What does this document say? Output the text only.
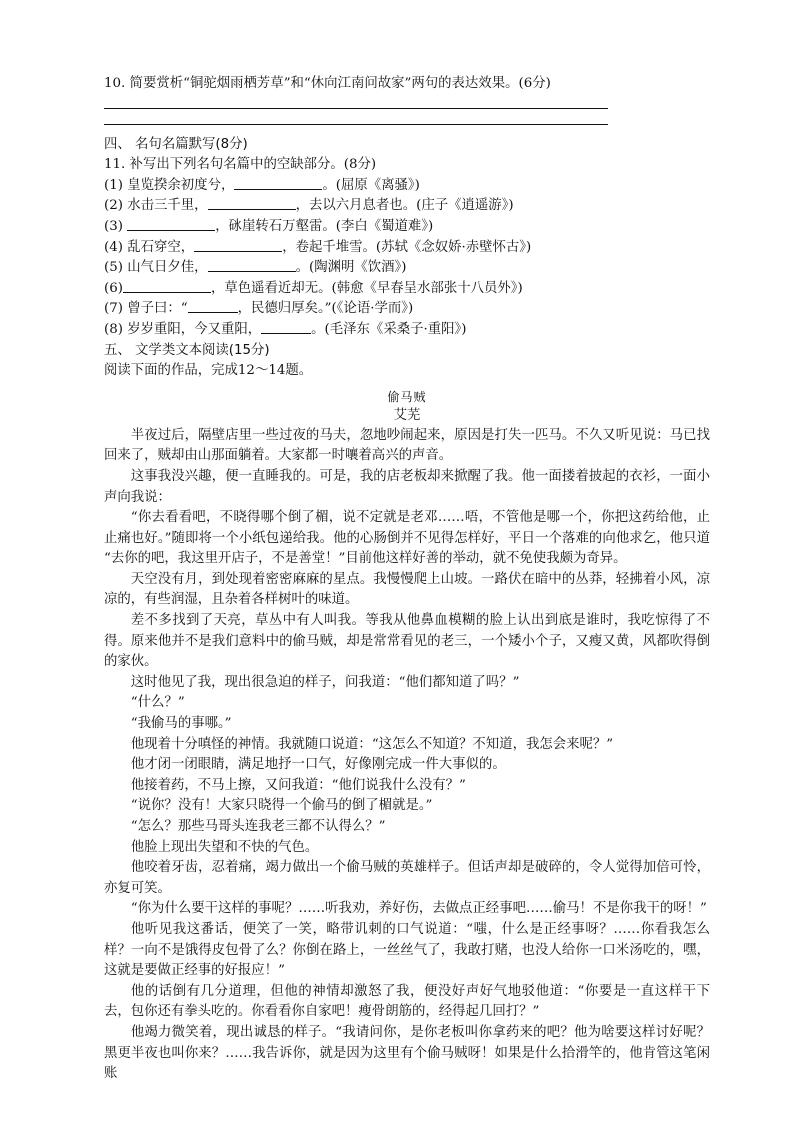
10. 简要赏析“铜驼烟雨栖芳草”和“休向江南问故家”两句的表达效果。(6分)
四、 名句名篇默写(8分)
11. 补写出下列名句名篇中的空缺部分。(8分)
(1) 皇览揆余初度兮，	。(屈原《离骚》)
(2) 水击三千里，	，去以六月息者也。(庄子《逍遥游》)
(3)	，砯崖转石万壑雷。(李白《蜀道难》)
(4) 乱石穿空，	，卷起千堆雪。(苏轼《念奴娇·赤壁怀古》)
(5) 山气日夕佳，	。(陶渊明《饮酒》)
(6)	，草色遥看近却无。(韩愈《早春呈水部张十八员外》)
(7) 曾子曰：“	，民德归厚矣。”(《论语·学而》)
(8) 岁岁重阳，今又重阳，	。(毛泽东《采桑子·重阳》)
五、 文学类文本阅读(15分)
阅读下面的作品，完成12～14题。
偷马贼
艾芜

半夜过后，隔壁店里一些过夜的马夫，忽地吵闹起来，原因是打失一匹马。不久又听见说：马已找回来了，贼却由山那面躺着。大家都一时嚷着高兴的声音。

这事我没兴趣，便一直睡我的。可是，我的店老板却来掀醒了我。他一面搂着披起的衣衫，一面小声向我说：

“你去看看吧，不晓得哪个倒了楣，说不定就是老邓……唔，不管他是哪一个，你把这药给他，止止痛也好。”随即将一个小纸包递给我。他的心肠倒并不见得怎样好，平日一个落难的向他求乞，他只道 “去你的吧，我这里开店子，不是善堂！”目前他这样好善的举动，就不免使我颇为奇异。

天空没有月，到处现着密密麻麻的星点。我慢慢爬上山坡。一路伏在暗中的丛莽，轻拂着小风，凉凉的，有些润湿，且杂着各样树叶的味道。

差不多找到了天亮，草丛中有人叫我。等我从他鼻血模糊的脸上认出到底是谁时，我吃惊得了不得。原来他并不是我们意料中的偷马贼，却是常常看见的老三，一个矮小个子，又瘦又黄，风都吹得倒的家伙。

这时他见了我，现出很急迫的样子，问我道：“他们都知道了吗？”

“什么？”

“我偷马的事哪。”

他现着十分嗔怪的神情。我就随口说道：“这怎么不知道？不知道，我怎会来呢？”

他才闭一闭眼睛，满足地抒一口气，好像刚完成一件大事似的。

他接着药，不马上擦，又问我道：“他们说我什么没有？”

“说你？没有！大家只晓得一个偷马的倒了楣就是。”

“怎么？那些马哥头连我老三都不认得么？”

他脸上现出失望和不快的气色。

他咬着牙齿，忍着痛，竭力做出一个偷马贼的英雄样子。但话声却是破碎的，令人觉得加倍可怜，亦复可笑。

“你为什么要干这样的事呢？……听我劝，养好伤，去做点正经事吧……偷马！不是你我干的呀！”

他听见我这番话，便笑了一笑，略带讥刺的口气说道：“嗤，什么是正经事呀？……你看我怎么样？一向不是饿得皮包骨了么？你倒在路上，一丝丝气了，我敢打赌，也没人给你一口米汤吃的，嘿，这就是要做正经事的好报应！”

他的话倒有几分道理，但他的神情却激怒了我，便没好声好气地驳他道：“你要是一直这样干下去，包你还有拳头吃的。你看看你自家吧！瘦骨朗筋的，经得起几回打？”

他竭力微笑着，现出诚恳的样子。“我请问你，是你老板叫你拿药来的吧？他为啥要这样讨好呢？黑更半夜也叫你来？……我告诉你，就是因为这里有个偷马贼呀！如果是什么拾滑竿的，他肯管这笔闲账
